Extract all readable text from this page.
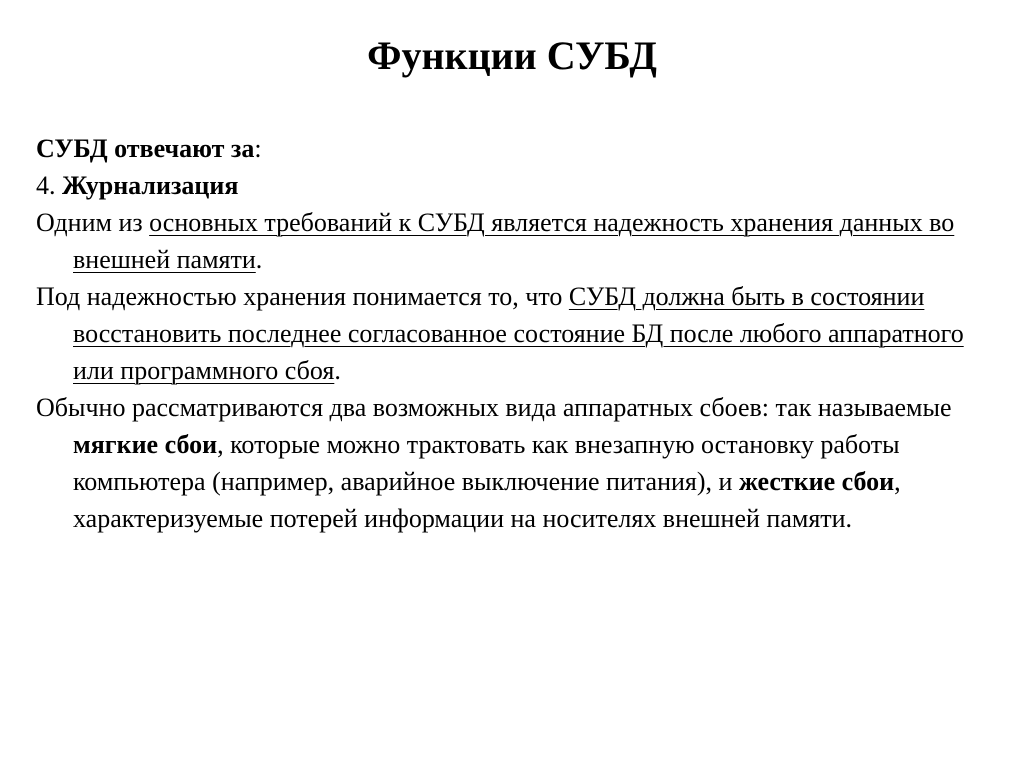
Функции СУБД

СУБД отвечают за:

4. Журнализация

Одним из основных требований к СУБД является надежность хранения данных во внешней памяти.

Под надежностью хранения понимается то, что СУБД должна быть в состоянии восстановить последнее согласованное состояние БД после любого аппаратного или программного сбоя.

Обычно рассматриваются два возможных вида аппаратных сбоев: так называемые мягкие сбои, которые можно трактовать как внезапную остановку работы компьютера (например, аварийное выключение питания), и жесткие сбои, характеризуемые потерей информации на носителях внешней памяти.
